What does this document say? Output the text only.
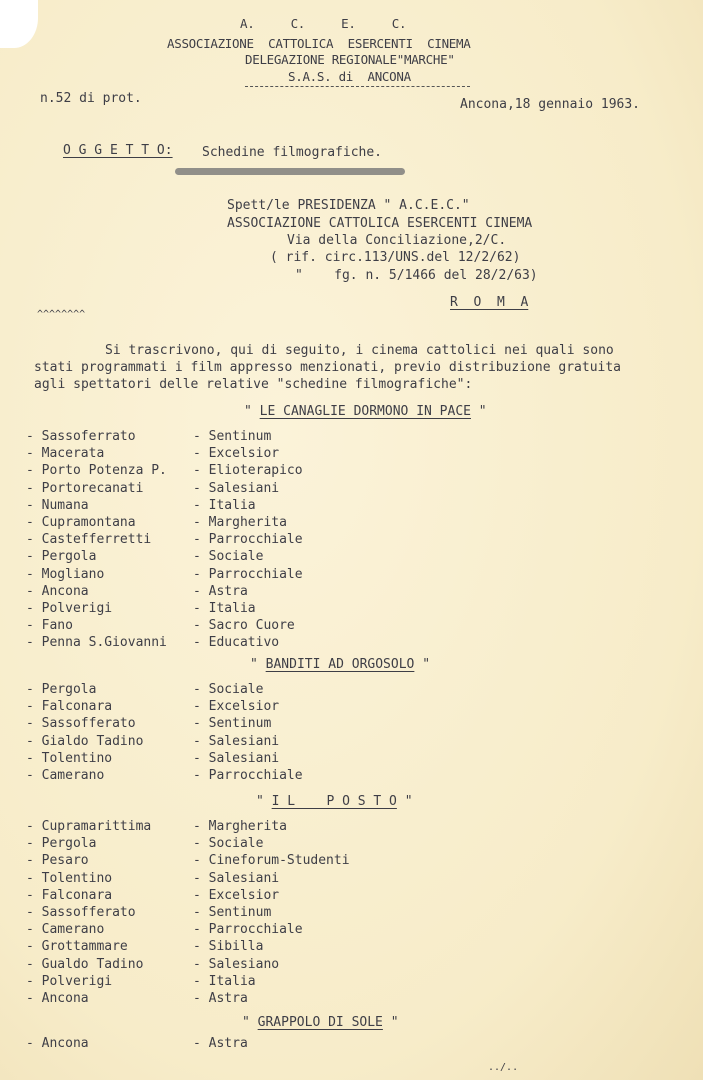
A.     C.     E.     C.
ASSOCIAZIONE  CATTOLICA  ESERCENTI  CINEMA
DELEGAZIONE REGIONALE"MARCHE"
S.A.S. di  ANCONA
n.52 di prot.	Ancona,18 gennaio 1963.
O G G E T T O: Schedine filmografiche.
Spett/le PRESIDENZA " A.C.E.C."
ASSOCIAZIONE CATTOLICA ESERCENTI CINEMA
Via della Conciliazione,2/C.
( rif. circ.113/UNS.del 12/2/62)
"    fg. n. 5/1466 del 28/2/63)
R  O  M  A
^^^^^^^^
Si trascrivono, qui di seguito, i cinema cattolici nei quali sono
stati programmati i film appresso menzionati, previo distribuzione gratuita
agli spettatori delle relative "schedine filmografiche":
" LE CANAGLIE DORMONO IN PACE "
- Sassoferrato	- Sentinum
- Macerata	- Excelsior
- Porto Potenza P. - Elioterapico
- Portorecanati	- Salesiani
- Numana	- Italia
- Cupramontana	- Margherita
- Castefferretti	- Parrocchiale
- Pergola	- Sociale
- Mogliano	- Parrocchiale
- Ancona	- Astra
- Polverigi	- Italia
- Fano	- Sacro Cuore
- Penna S.Giovanni - Educativo
" BANDITI AD ORGOSOLO "
- Pergola	- Sociale
- Falconara	- Excelsior
- Sassofferato	- Sentinum
- Gialdo Tadino	- Salesiani
- Tolentino	- Salesiani
- Camerano	- Parrocchiale
" I L    P O S T O "
- Cupramarittima	- Margherita
- Pergola	- Sociale
- Pesaro	- Cineforum-Studenti
- Tolentino	- Salesiani
- Falconara	- Excelsior
- Sassofferato	- Sentinum
- Camerano	- Parrocchiale
- Grottammare	- Sibilla
- Gualdo Tadino	- Salesiano
- Polverigi	- Italia
- Ancona	- Astra
" GRAPPOLO DI SOLE "
- Ancona	- Astra
../..
